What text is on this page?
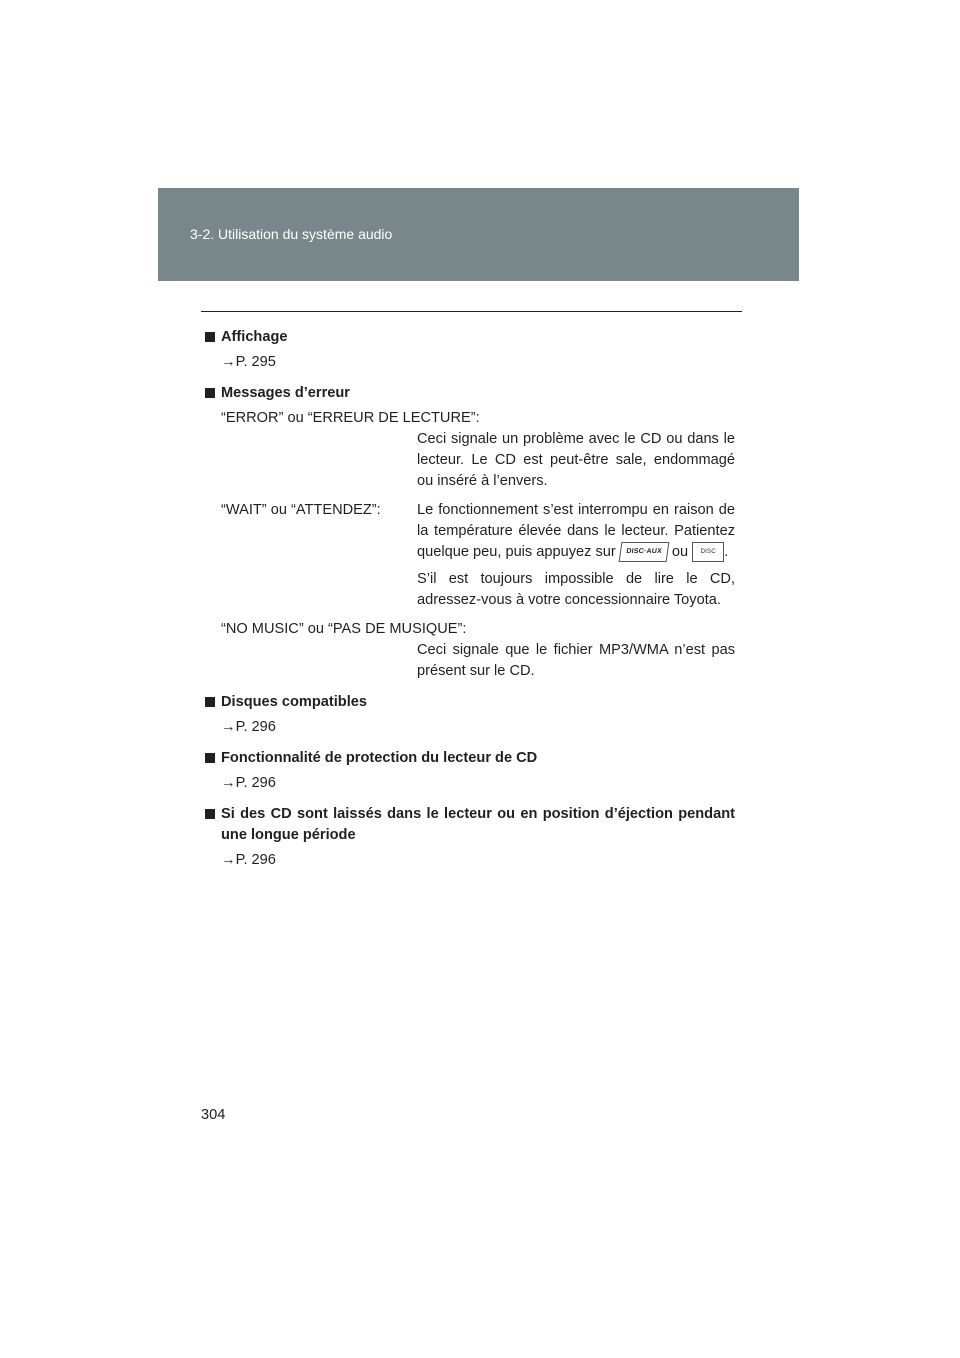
3-2. Utilisation du système audio
Affichage
→P. 295
Messages d’erreur
“ERROR” ou “ERREUR DE LECTURE”:
Ceci signale un problème avec le CD ou dans le lecteur. Le CD est peut-être sale, endommagé ou inséré à l’envers.
“WAIT” ou “ATTENDEZ”:	Le fonctionnement s’est interrompu en raison de la température élevée dans le lecteur. Patientez quelque peu, puis appuyez sur DISC·AUX ou DISC .
S’il est toujours impossible de lire le CD, adressez-vous à votre concessionnaire Toyota.
“NO MUSIC” ou “PAS DE MUSIQUE”:
Ceci signale que le fichier MP3/WMA n’est pas présent sur le CD.
Disques compatibles
→P. 296
Fonctionnalité de protection du lecteur de CD
→P. 296
Si des CD sont laissés dans le lecteur ou en position d’éjection pendant une longue période
→P. 296
304
